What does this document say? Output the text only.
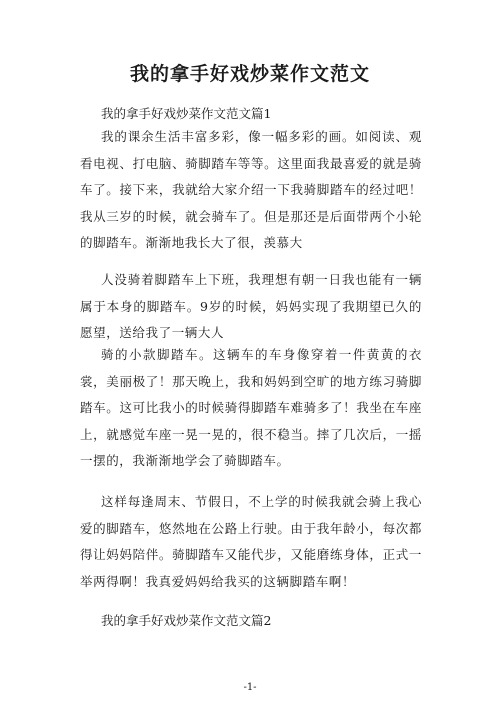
我的拿手好戏炒菜作文范文

我的拿手好戏炒菜作文范文篇1

我的课余生活丰富多彩，像一幅多彩的画。如阅读、观看电视、打电脑、骑脚踏车等等。这里面我最喜爱的就是骑车了。接下来，我就给大家介绍一下我骑脚踏车的经过吧！我从三岁的时候，就会骑车了。但是那还是后面带两个小轮的脚踏车。渐渐地我长大了很，羡慕大

人没骑着脚踏车上下班，我理想有朝一日我也能有一辆属于本身的脚踏车。9岁的时候，妈妈实现了我期望已久的愿望，送给我了一辆大人

骑的小款脚踏车。这辆车的车身像穿着一件黄黄的衣裳，美丽极了！那天晚上，我和妈妈到空旷的地方练习骑脚踏车。这可比我小的时候骑得脚踏车难骑多了！我坐在车座上，就感觉车座一晃一晃的，很不稳当。摔了几次后，一摇一摆的，我渐渐地学会了骑脚踏车。

这样每逢周末、节假日，不上学的时候我就会骑上我心爱的脚踏车，悠然地在公路上行驶。由于我年龄小，每次都得让妈妈陪伴。骑脚踏车又能代步，又能磨练身体，正式一举两得啊！我真爱妈妈给我买的这辆脚踏车啊！

我的拿手好戏炒菜作文范文篇2

-1-
